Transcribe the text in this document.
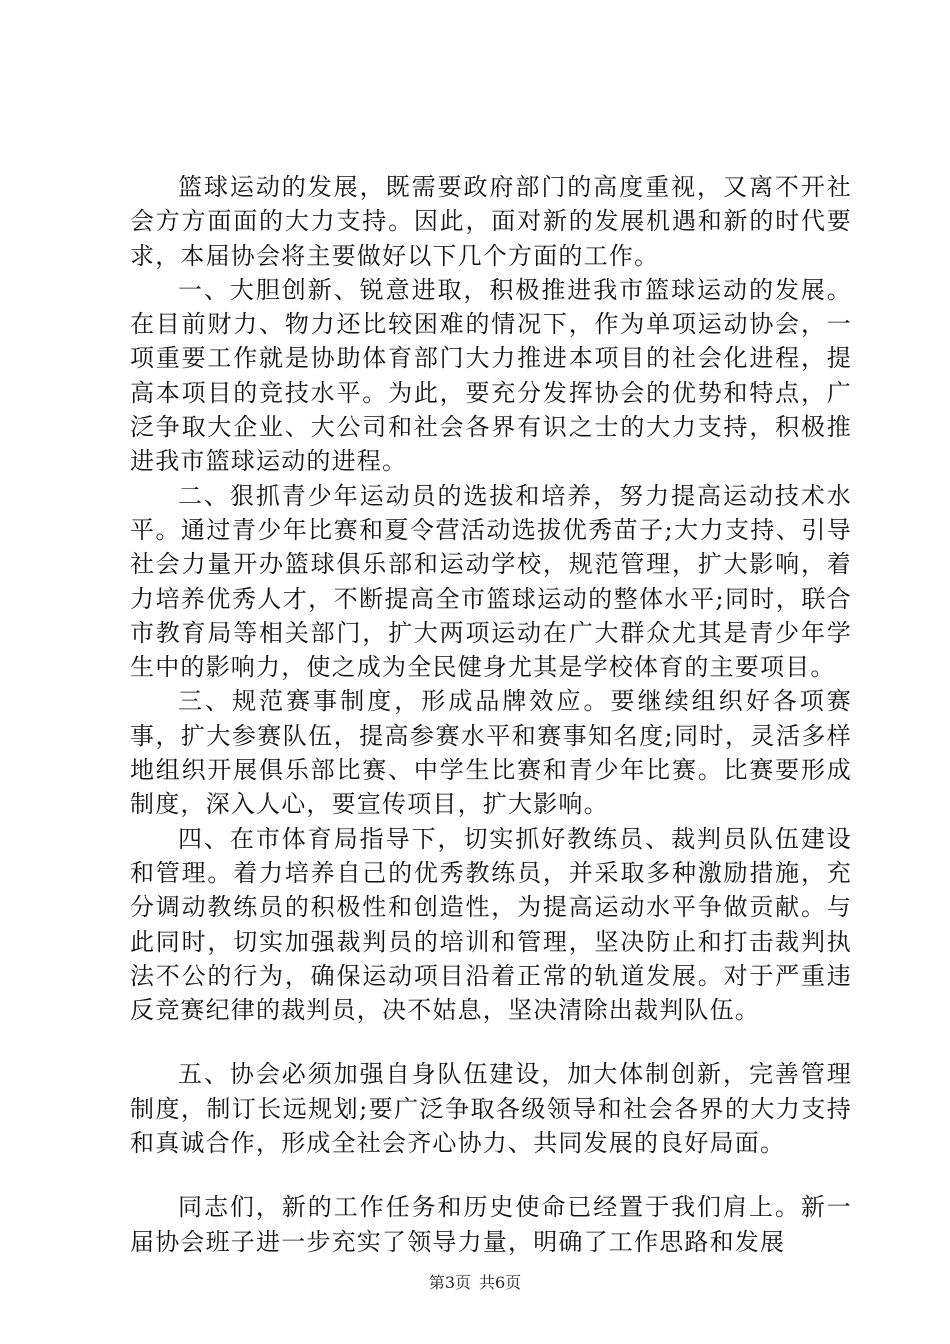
篮球运动的发展，既需要政府部门的高度重视，又离不开社会方方面面的大力支持。因此，面对新的发展机遇和新的时代要求，本届协会将主要做好以下几个方面的工作。

一、大胆创新、锐意进取，积极推进我市篮球运动的发展。在目前财力、物力还比较困难的情况下，作为单项运动协会，一项重要工作就是协助体育部门大力推进本项目的社会化进程，提高本项目的竞技水平。为此，要充分发挥协会的优势和特点，广泛争取大企业、大公司和社会各界有识之士的大力支持，积极推进我市篮球运动的进程。

二、狠抓青少年运动员的选拔和培养，努力提高运动技术水平。通过青少年比赛和夏令营活动选拔优秀苗子;大力支持、引导社会力量开办篮球俱乐部和运动学校，规范管理，扩大影响，着力培养优秀人才，不断提高全市篮球运动的整体水平;同时，联合市教育局等相关部门，扩大两项运动在广大群众尤其是青少年学生中的影响力，使之成为全民健身尤其是学校体育的主要项目。

三、规范赛事制度，形成品牌效应。要继续组织好各项赛事，扩大参赛队伍，提高参赛水平和赛事知名度;同时，灵活多样地组织开展俱乐部比赛、中学生比赛和青少年比赛。比赛要形成制度，深入人心，要宣传项目，扩大影响。

四、在市体育局指导下，切实抓好教练员、裁判员队伍建设和管理。着力培养自己的优秀教练员，并采取多种激励措施，充分调动教练员的积极性和创造性，为提高运动水平争做贡献。与此同时，切实加强裁判员的培训和管理，坚决防止和打击裁判执法不公的行为，确保运动项目沿着正常的轨道发展。对于严重违反竞赛纪律的裁判员，决不姑息，坚决清除出裁判队伍。

五、协会必须加强自身队伍建设，加大体制创新，完善管理制度，制订长远规划;要广泛争取各级领导和社会各界的大力支持和真诚合作，形成全社会齐心协力、共同发展的良好局面。

同志们，新的工作任务和历史使命已经置于我们肩上。新一届协会班子进一步充实了领导力量，明确了工作思路和发展

第3页 共6页
